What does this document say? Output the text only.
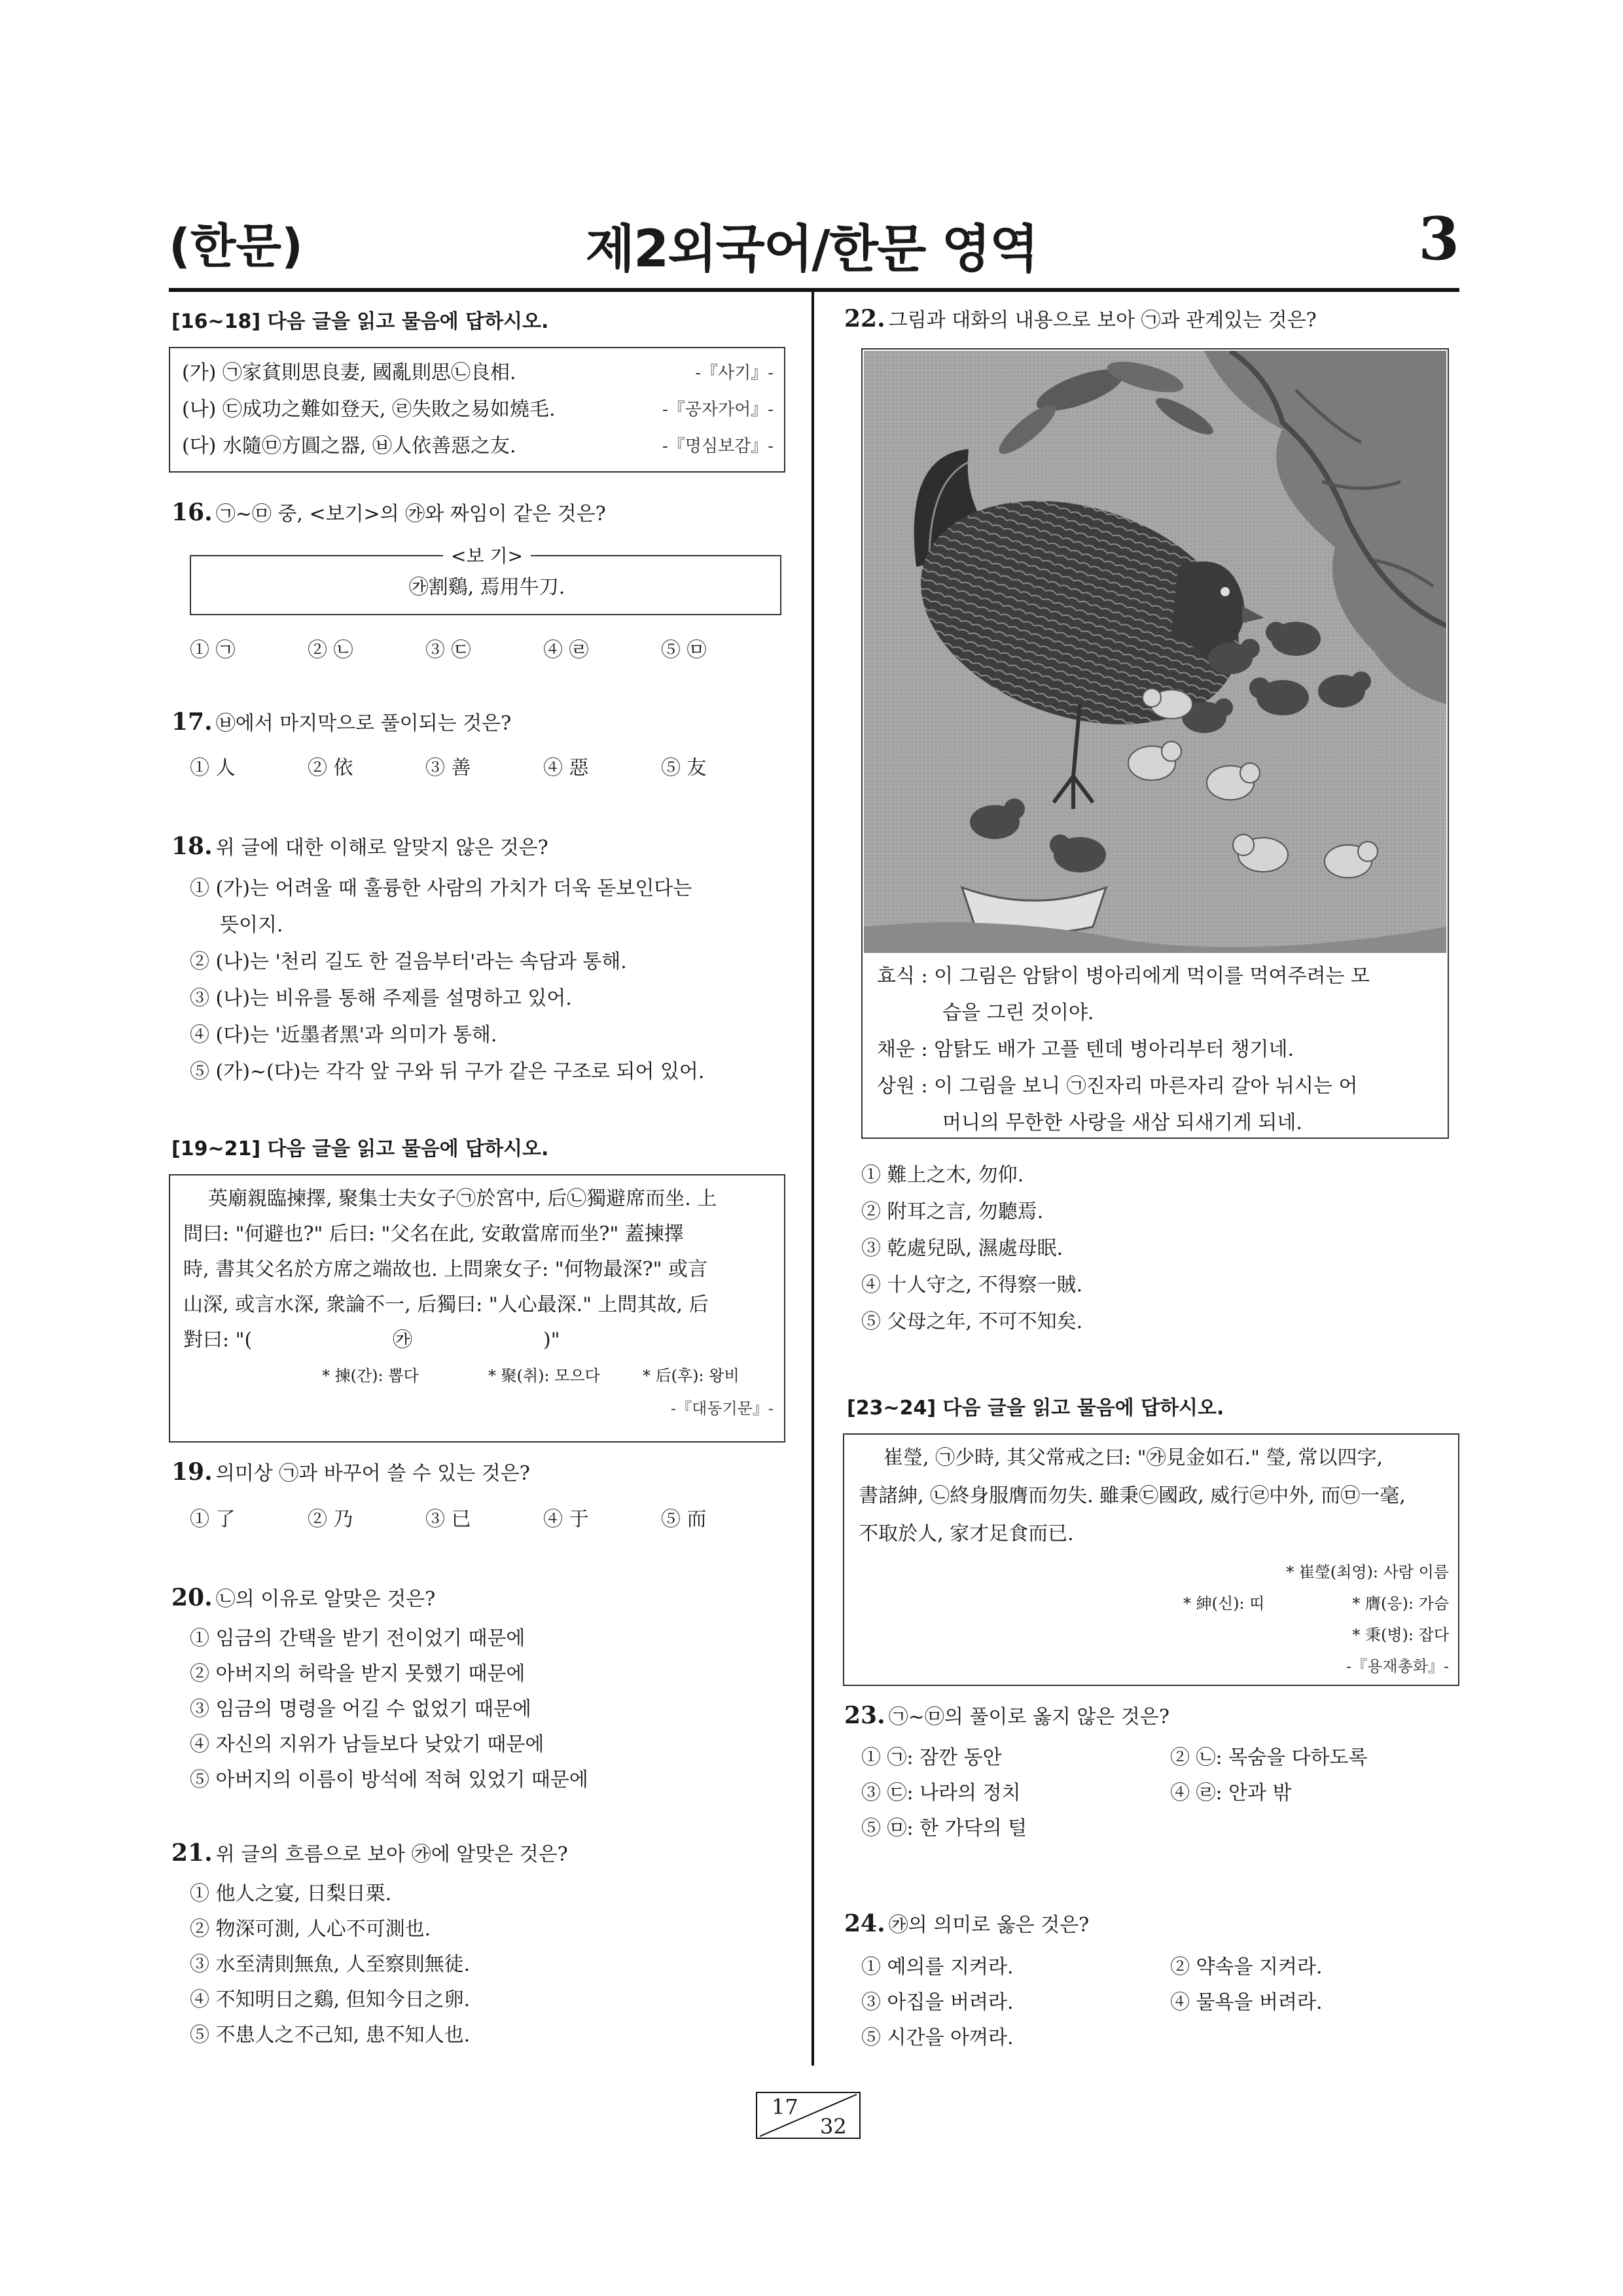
(한문)	제2외국어/한문 영역	3
[16~18] 다음 글을 읽고 물음에 답하시오.
(가) ㉠家貧則思良妻, 國亂則思㉡良相.	-『사기』-
(나) ㉢成功之難如登天, ㉣失敗之易如燒毛.	-『공자가어』-
(다) 水隨㉤方圓之器, ㉥人依善惡之友.	-『명심보감』-
16. ㉠~㉤ 중, <보기>의 ㉮와 짜임이 같은 것은?
<보 기>
㉮割鷄, 焉用牛刀.
① ㉠	② ㉡	③ ㉢	④ ㉣	⑤ ㉤
17. ㉥에서 마지막으로 풀이되는 것은?
① 人	② 依	③ 善	④ 惡	⑤ 友
18. 위 글에 대한 이해로 알맞지 않은 것은?
① (가)는 어려울 때 훌륭한 사람의 가치가 더욱 돋보인다는
뜻이지.
② (나)는 '천리 길도 한 걸음부터'라는 속담과 통해.
③ (나)는 비유를 통해 주제를 설명하고 있어.
④ (다)는 '近墨者黑'과 의미가 통해.
⑤ (가)~(다)는 각각 앞 구와 뒤 구가 같은 구조로 되어 있어.
[19~21] 다음 글을 읽고 물음에 답하시오.
英廟親臨揀擇, 聚集士夫女子㉠於宮中, 后㉡獨避席而坐. 上
問曰: "何避也?" 后曰: "父名在此, 安敢當席而坐?" 蓋揀擇
時, 書其父名於方席之端故也. 上問衆女子: "何物最深?" 或言
山深, 或言水深, 衆論不一, 后獨曰: "人心最深." 上問其故, 后
對曰: "(	㉮	)"
* 揀(간): 뽑다	* 聚(취): 모으다	* 后(후): 왕비
-『대동기문』-
19. 의미상 ㉠과 바꾸어 쓸 수 있는 것은?
① 了	② 乃	③ 已	④ 于	⑤ 而
20. ㉡의 이유로 알맞은 것은?
① 임금의 간택을 받기 전이었기 때문에
② 아버지의 허락을 받지 못했기 때문에
③ 임금의 명령을 어길 수 없었기 때문에
④ 자신의 지위가 남들보다 낮았기 때문에
⑤ 아버지의 이름이 방석에 적혀 있었기 때문에
21. 위 글의 흐름으로 보아 ㉮에 알맞은 것은?
① 他人之宴, 日梨日栗.
② 物深可測, 人心不可測也.
③ 水至淸則無魚, 人至察則無徒.
④ 不知明日之鷄, 但知今日之卵.
⑤ 不患人之不己知, 患不知人也.
22. 그림과 대화의 내용으로 보아 ㉠과 관계있는 것은?
효식 : 이 그림은 암탉이 병아리에게 먹이를 먹여주려는 모
습을 그린 것이야.
채운 : 암탉도 배가 고플 텐데 병아리부터 챙기네.
상원 : 이 그림을 보니 ㉠진자리 마른자리 갈아 뉘시는 어
머니의 무한한 사랑을 새삼 되새기게 되네.
① 難上之木, 勿仰.
② 附耳之言, 勿聽焉.
③ 乾處兒臥, 濕處母眠.
④ 十人守之, 不得察一賊.
⑤ 父母之年, 不可不知矣.
[23~24] 다음 글을 읽고 물음에 답하시오.
崔瑩, ㉠少時, 其父常戒之曰: "㉮見金如石." 瑩, 常以四字,
書諸紳, ㉡終身服膺而勿失. 雖秉㉢國政, 威行㉣中外, 而㉤一毫,
不取於人, 家才足食而已.
* 崔瑩(최영): 사람 이름
* 紳(신): 띠	* 膺(응): 가슴
* 秉(병): 잡다
-『용재총화』-
23. ㉠~㉤의 풀이로 옳지 않은 것은?
① ㉠: 잠깐 동안	② ㉡: 목숨을 다하도록
③ ㉢: 나라의 정치	④ ㉣: 안과 밖
⑤ ㉤: 한 가닥의 털
24. ㉮의 의미로 옳은 것은?
① 예의를 지켜라.	② 약속을 지켜라.
③ 아집을 버려라.	④ 물욕을 버려라.
⑤ 시간을 아껴라.
17
32
